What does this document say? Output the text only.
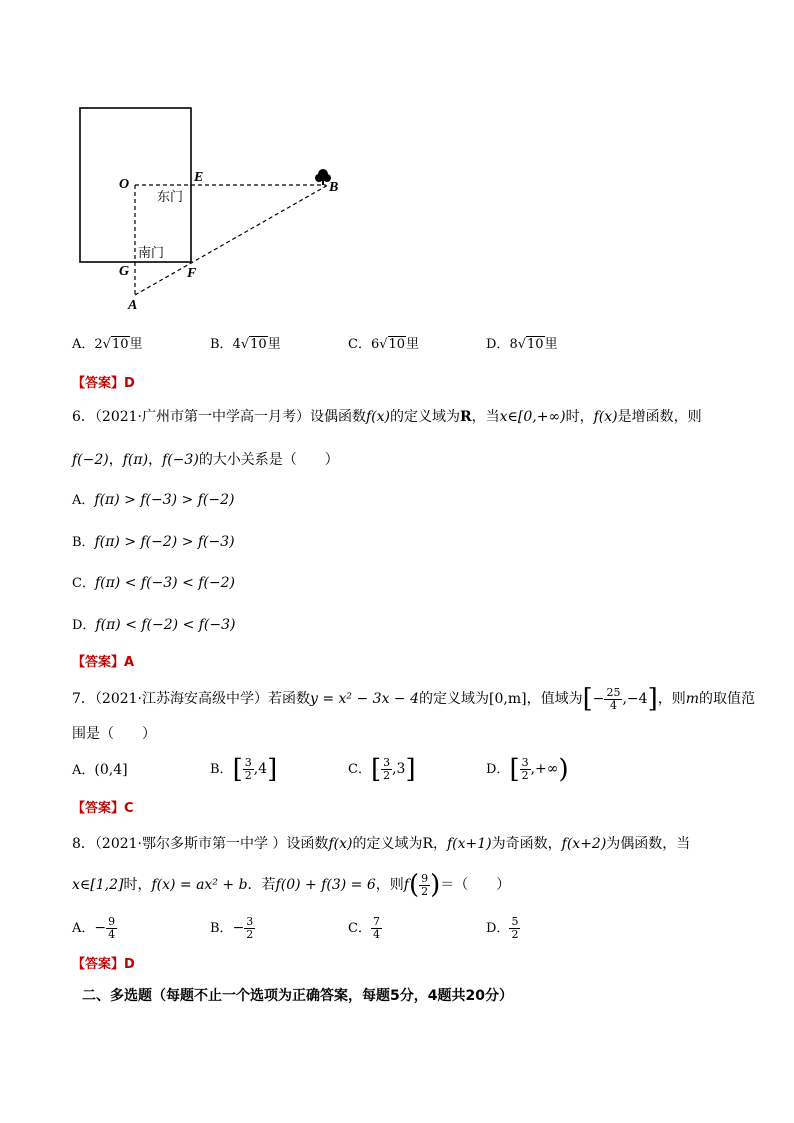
O	E
B
G	F
A
东门
南门
A．2√10里	B．4√10里	C．6√10里	D．8√10里
【答案】D
6．（2021·广州市第一中学高一月考）设偶函数f(x)的定义域为R，当x∈[0,+∞)时，f(x)是增函数，则
f(−2)，f(π)，f(−3)的大小关系是（　　）
A．f(π) > f(−3) > f(−2)
B．f(π) > f(−2) > f(−3)
C．f(π) < f(−3) < f(−2)
D．f(π) < f(−2) < f(−3)
【答案】A
7．（2021·江苏海安高级中学）若函数y = x² − 3x − 4的定义域为[0,m]，值域为[− $\frac{25}{4} ,-4$]，则m的取值范
围是（　　）
A．(0,4]	B．[ $\frac{3}{2} ,4$]	C．[ $\frac{3}{2} ,3$]	D．[ $\frac{3}{2}$ ,+∞)
【答案】C
8．（2021·鄂尔多斯市第一中学 ）设函数f(x)的定义域为R，f(x+1)为奇函数，f(x+2)为偶函数，当
x∈[1,2]时，f(x) = ax² + b．若f(0) + f(3) = 6，则$f( \frac{9}{2}$ )＝（　　）
A．− $\frac{9}{4}$	B．− $\frac{3}{2}$	C． $\frac{7}{4}$	D． $\frac{5}{2}$
【答案】D
二、多选题（每题不止一个选项为正确答案，每题5分，4题共20分）
